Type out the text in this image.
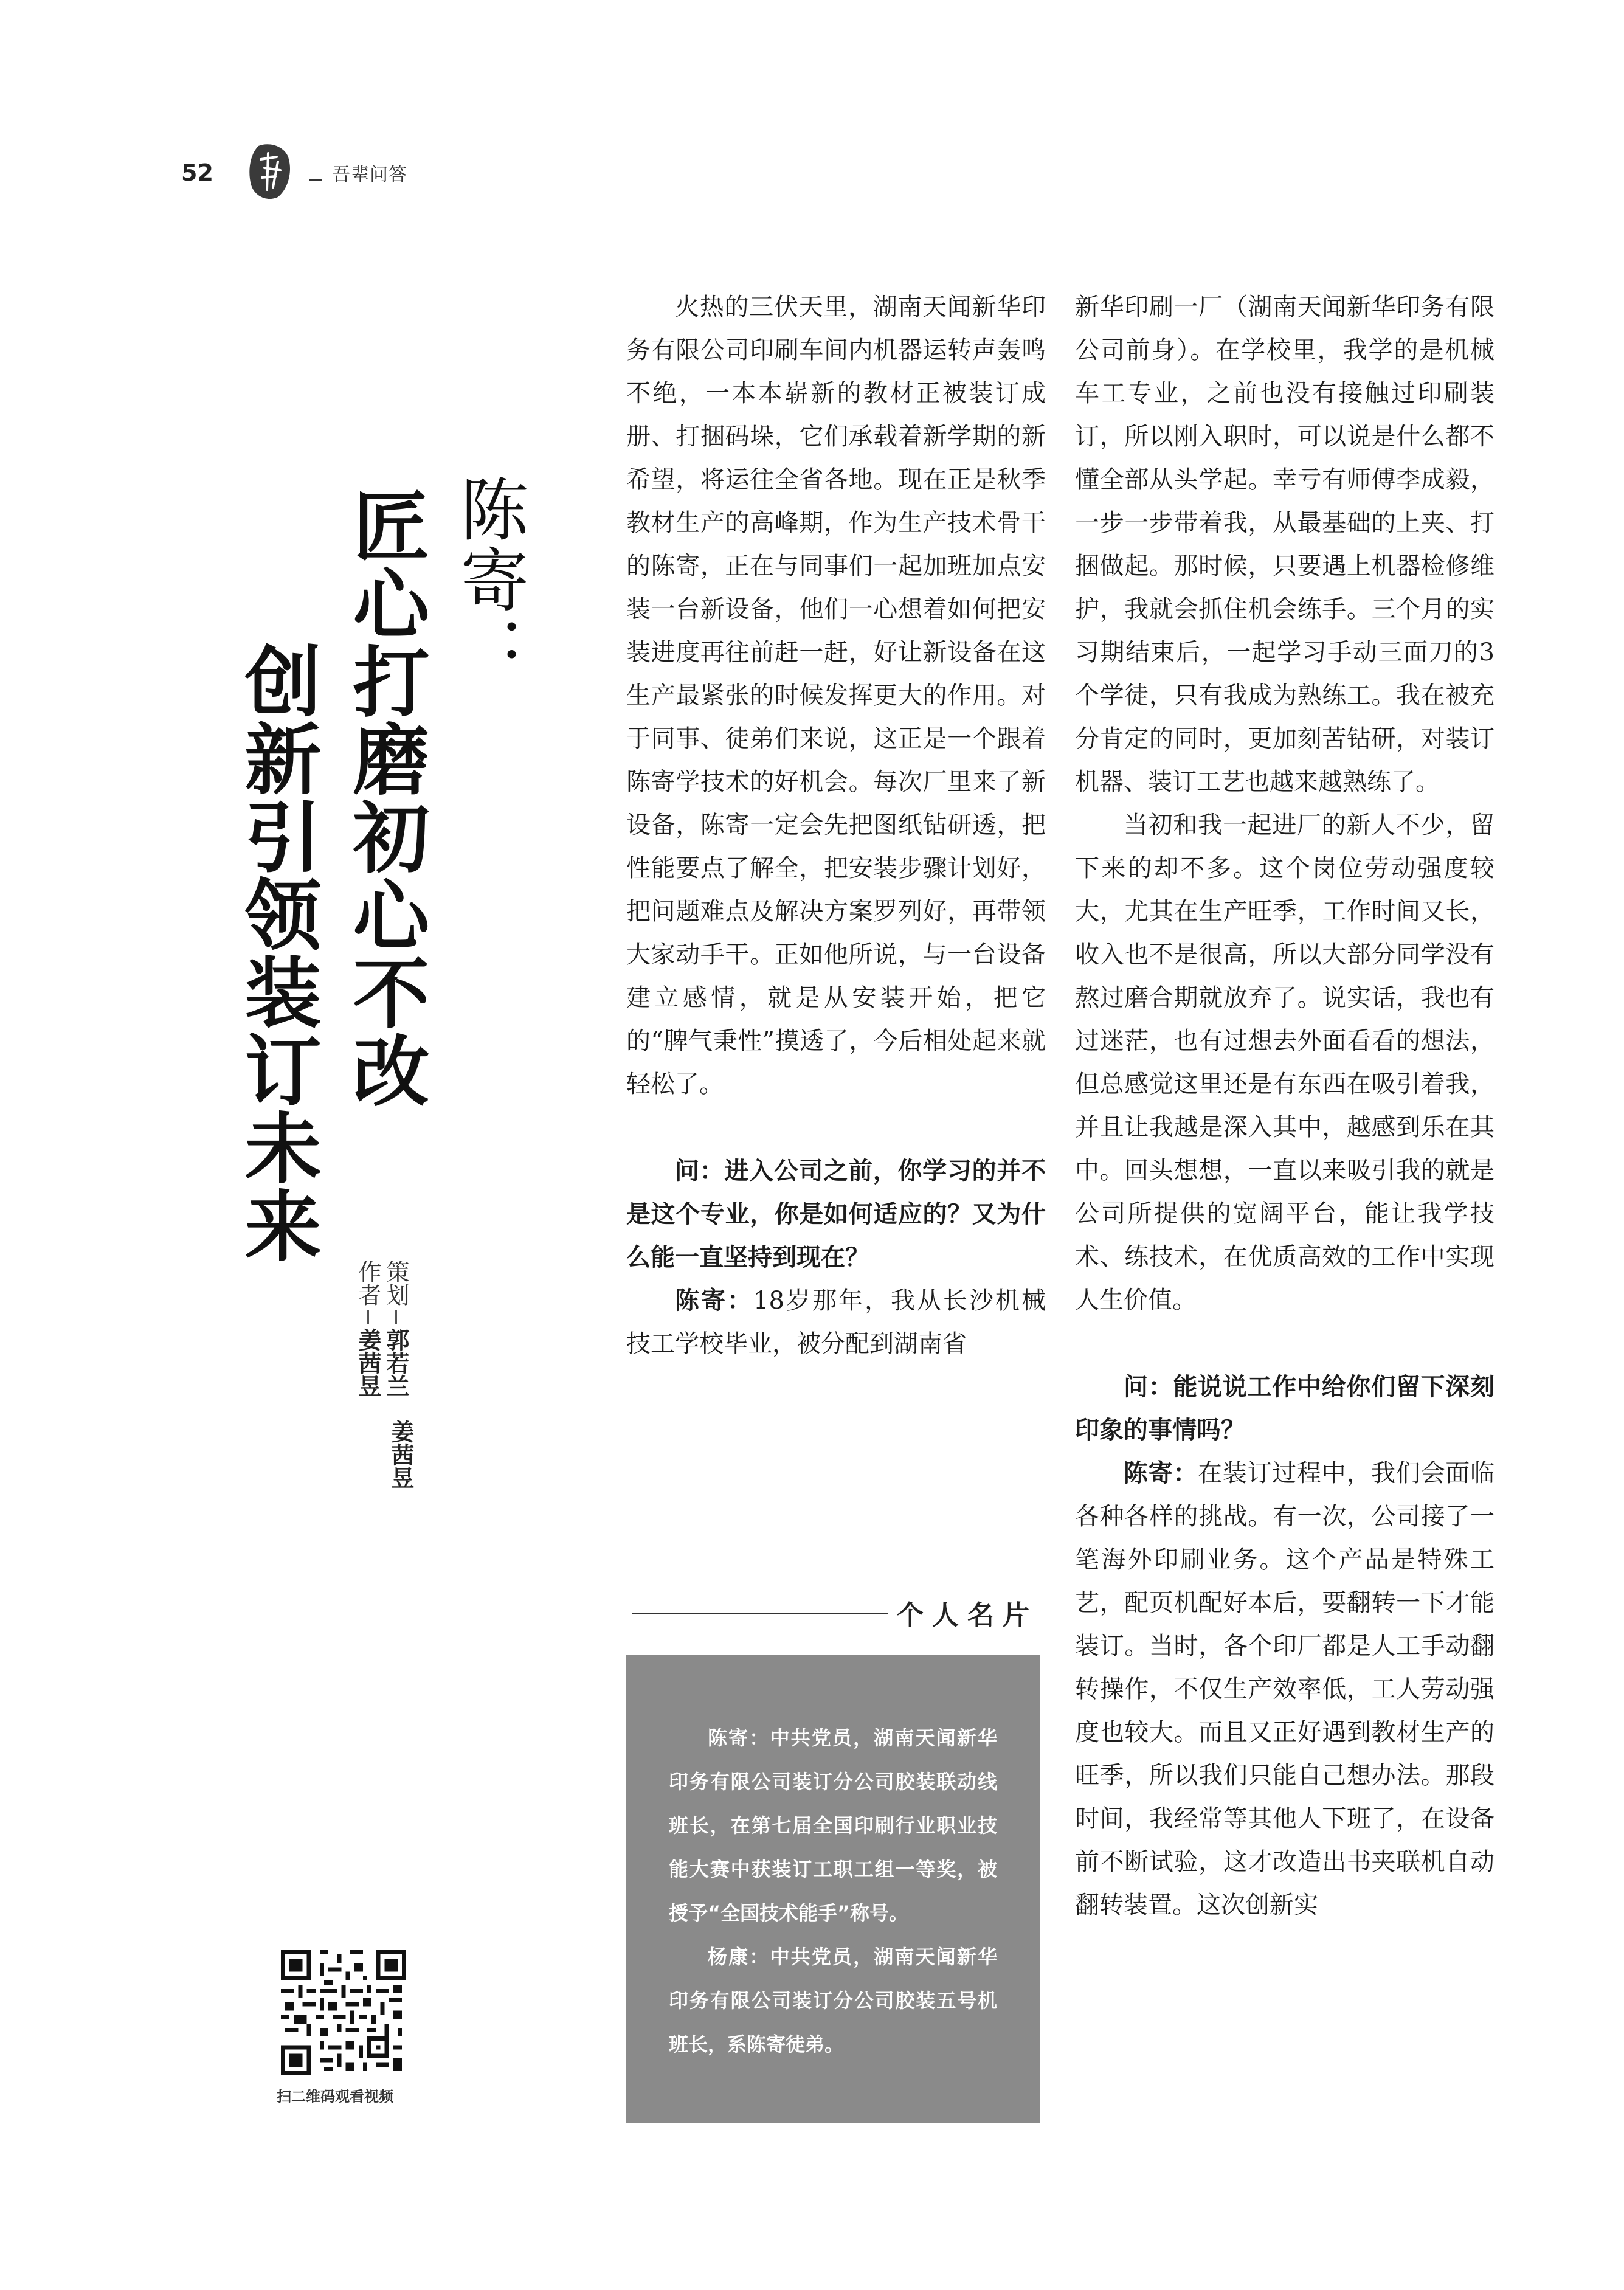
52	吾辈问答
陈寄：
匠心打磨初心不改
创新引领装订未来
策划
郭若兰
作者
姜茜昱
姜茜昱

火热的三伏天里，湖南天闻新华印务有限公司印刷车间内机器运转声轰鸣不绝，一本本崭新的教材正被装订成册、打捆码垛，它们承载着新学期的新希望，将运往全省各地。现在正是秋季教材生产的高峰期，作为生产技术骨干的陈寄，正在与同事们一起加班加点安装一台新设备，他们一心想着如何把安装进度再往前赶一赶，好让新设备在这生产最紧张的时候发挥更大的作用。对于同事、徒弟们来说，这正是一个跟着陈寄学技术的好机会。每次厂里来了新设备，陈寄一定会先把图纸钻研透，把性能要点了解全，把安装步骤计划好，把问题难点及解决方案罗列好，再带领大家动手干。正如他所说，与一台设备建立感情，就是从安装开始，把它的“脾气秉性”摸透了，今后相处起来就轻松了。

问：进入公司之前，你学习的并不是这个专业，你是如何适应的？又为什么能一直坚持到现在？

陈寄：18岁那年，我从长沙机械技工学校毕业，被分配到湖南省

新华印刷一厂（湖南天闻新华印务有限公司前身）。在学校里，我学的是机械车工专业，之前也没有接触过印刷装订，所以刚入职时，可以说是什么都不懂全部从头学起。幸亏有师傅李成毅，一步一步带着我，从最基础的上夹、打捆做起。那时候，只要遇上机器检修维护，我就会抓住机会练手。三个月的实习期结束后，一起学习手动三面刀的3个学徒，只有我成为熟练工。我在被充分肯定的同时，更加刻苦钻研，对装订机器、装订工艺也越来越熟练了。

当初和我一起进厂的新人不少，留下来的却不多。这个岗位劳动强度较大，尤其在生产旺季，工作时间又长，收入也不是很高，所以大部分同学没有熬过磨合期就放弃了。说实话，我也有过迷茫，也有过想去外面看看的想法，但总感觉这里还是有东西在吸引着我，并且让我越是深入其中，越感到乐在其中。回头想想，一直以来吸引我的就是公司所提供的宽阔平台，能让我学技术、练技术，在优质高效的工作中实现人生价值。

问：能说说工作中给你们留下深刻印象的事情吗？

陈寄：在装订过程中，我们会面临各种各样的挑战。有一次，公司接了一笔海外印刷业务。这个产品是特殊工艺，配页机配好本后，要翻转一下才能装订。当时，各个印厂都是人工手动翻转操作，不仅生产效率低，工人劳动强度也较大。而且又正好遇到教材生产的旺季，所以我们只能自己想办法。那段时间，我经常等其他人下班了，在设备前不断试验，这才改造出书夹联机自动翻转装置。这次创新实

个人名片

陈寄：中共党员，湖南天闻新华印务有限公司装订分公司胶装联动线班长，在第七届全国印刷行业职业技能大赛中获装订工职工组一等奖，被授予“全国技术能手”称号。

杨康：中共党员，湖南天闻新华印务有限公司装订分公司胶装五号机班长，系陈寄徒弟。

扫二维码观看视频
